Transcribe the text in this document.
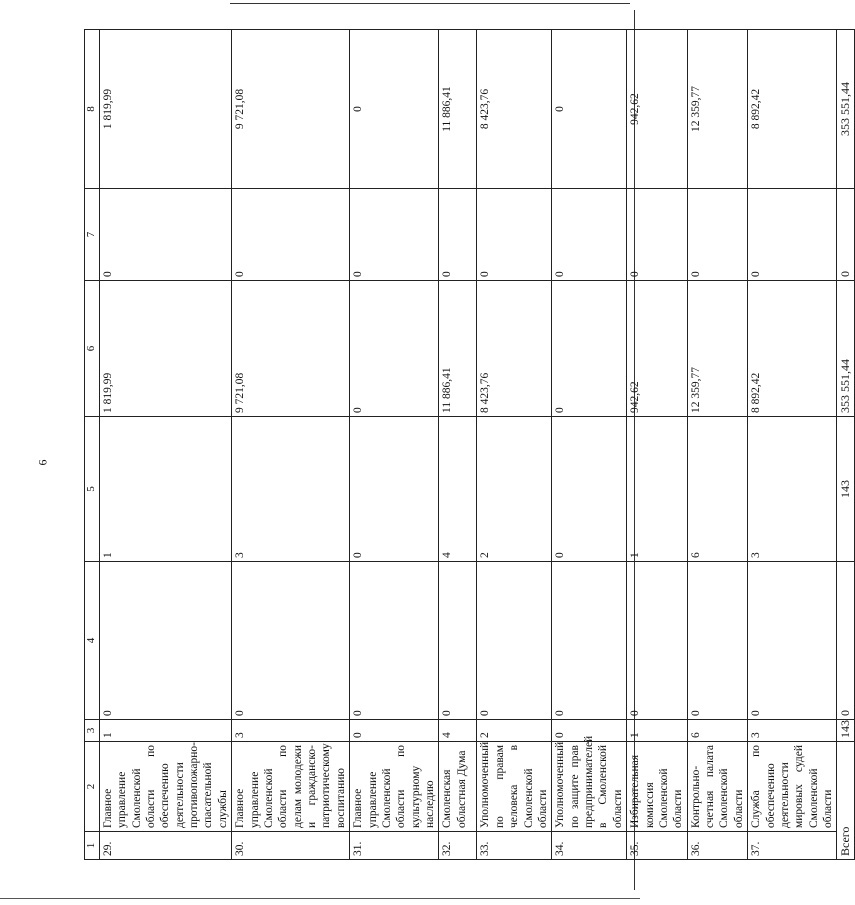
6
1	2	3	4	5	6	7	8
29.	Главное управление Смоленской области по обеспечению деятельности противопожарно-спасательной службы	1	0	1	1 819,99	0	1 819,99
30.	Главное управление Смоленской области по делам молодежи и гражданско-патриотическому воспитанию	3	0	3	9 721,08	0	9 721,08
31.	Главное управление Смоленской области по культурному наследию	0	0	0	0	0	0
32.	Смоленская областная Дума	4	0	4	11 886,41	0	11 886,41
33.	Уполномоченный по правам человека в Смоленской области	2	0	2	8 423,76	0	8 423,76
34.	Уполномоченный по защите прав предпринимателей в Смоленской области	0	0	0	0	0	0
35.	Избирательная комиссия Смоленской области	1	0	1	942,62	0	942,62
36.	Контрольно-счетная палата Смоленской области	6	0	6	12 359,77	0	12 359,77
37.	Служба по обеспечению деятельности мировых судей Смоленской области	3	0	3	8 892,42	0	8 892,42
Всего		143	0	143	353 551,44	0	353 551,44
